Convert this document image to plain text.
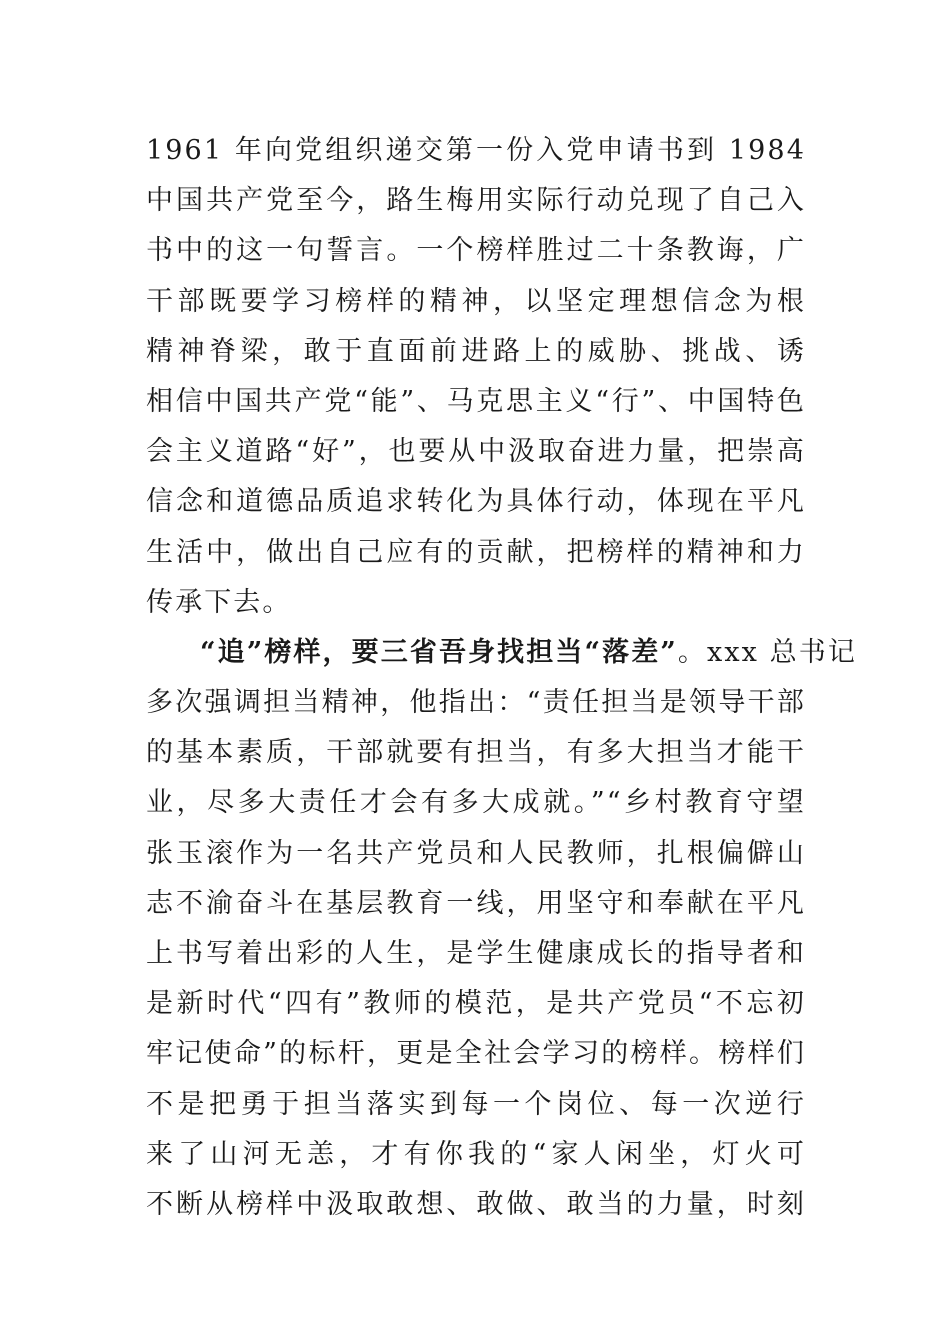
1961 年向党组织递交第一份入党申请书到 1984
中国共产党至今，路生梅用实际行动兑现了自己入
书中的这一句誓言。一个榜样胜过二十条教诲，广
干部既要学习榜样的精神，以坚定理想信念为根
精神脊梁，敢于直面前进路上的威胁、挑战、诱
相信中国共产党“能”、马克思主义“行”、中国特色
会主义道路“好”，也要从中汲取奋进力量，把崇高
信念和道德品质追求转化为具体行动，体现在平凡
生活中，做出自己应有的贡献，把榜样的精神和力
传承下去。
“追”榜样，要三省吾身找担当“落差”。xxx 总书记
多次强调担当精神，他指出：“责任担当是领导干部
的基本素质，干部就要有担当，有多大担当才能干
业，尽多大责任才会有多大成就。”“乡村教育守望
张玉滚作为一名共产党员和人民教师，扎根偏僻山
志不渝奋斗在基层教育一线，用坚守和奉献在平凡
上书写着出彩的人生，是学生健康成长的指导者和
是新时代“四有”教师的模范，是共产党员“不忘初
牢记使命”的标杆，更是全社会学习的榜样。榜样们
不是把勇于担当落实到每一个岗位、每一次逆行
来了山河无恙，才有你我的“家人闲坐，灯火可
不断从榜样中汲取敢想、敢做、敢当的力量，时刻
